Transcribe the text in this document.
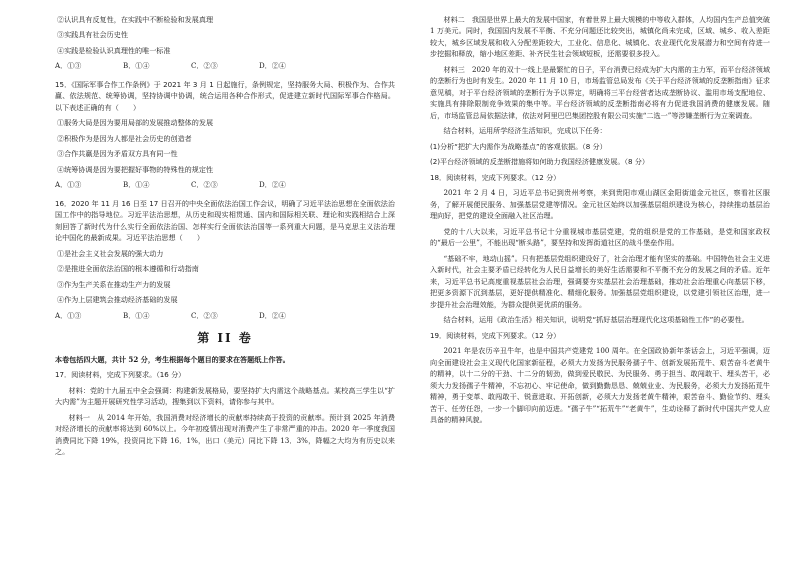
②认识具有反复性，在实践中不断检验和发展真理

③实践具有社会历史性

④实践是检验认识真理性的唯一标准

A．①③	B．①④	C．②③	D．②④

15．《国际军事合作工作条例》于 2021 年 3 月 1 日起施行，条例规定，坚持服务大局、积极作为、合作共赢、依法规范、统筹协调，坚持协调中协调，统合运用各种合作形式，促进建立新时代国际军事合作格局。以下表述正确的有（　　）

①服务大局是因为要用局部的发展推动整体的发展

②积极作为是因为人都是社会历史的创造者

③合作共赢是因为矛盾双方具有同一性

④统筹协调是因为要把握好事物的特殊性的规定性

A．①③	B．①④	C．②③	D．②④

16．2020 年 11 月 16 日至 17 日召开的中央全面依法治国工作会议，明确了习近平法治思想在全面依法治国工作中的指导地位。习近平法治思想，从历史和现实相贯通、国内和国际相关联、理论和实践相结合上深刻回答了新时代为什么实行全面依法治国、怎样实行全面依法治国等一系列重大问题，是马克思主义法治理论中国化的最新成果。习近平法治思想（　　）

①是社会主义社会发展的强大动力

②是推进全面依法治国的根本遵循和行动指南

③作为生产关系在推动生产力的发展

④作为上层建筑会推动经济基础的发展

A．①③	B．①④	C．②③	D．②④
第 II 卷

本卷包括四大题，共计 52 分，考生根据每个题目的要求在答题纸上作答。

17．阅读材料，完成下列要求。（16 分）

材料：党的十九届五中全会强调：构建新发展格局，要坚持扩大内需这个战略基点。某校高三学生以“扩大内需”为主题开展研究性学习活动，搜集到以下资料，请你参与其中。

材料一　从 2014 年开始，我国消费对经济增长的贡献率持续高于投资的贡献率。预计到 2025 年消费对经济增长的贡献率将达到 60%以上。今年初疫情出现对消费产生了非常严重的冲击。2020 年一季度我国消费同比下降 19%，投资同比下降 16．1%，出口（美元）同比下降 13．3%，降幅之大均为有历史以来之。

材料二　我国是世界上最大的发展中国家，有着世界上最大规模的中等收入群体，人均国内生产总值突破 1 万美元。同时，我国国内发展不平衡、不充分问题还比较突出，城镇化尚未完成，区域、城乡、收入差距较大，城乡区域发展和收入分配差距较大，工业化、信息化、城镇化、农业现代化发展潜力和空间有待进一步挖掘和释放，缩小地区差距、补齐民生社会领域短板，还需要很多投入。

材料三　2020 年的双十一线上是最繁忙的日子，平台消费已经成为扩大内需的主力军，而平台经济领域的垄断行为也时有发生。2020 年 11 月 10 日，市场监管总局发布《关于平台经济领域的反垄断指南》征求意见稿，对于平台经济领域的垄断行为予以界定，明确将三平台经营者达成垄断协议、滥用市场支配地位、实施具有排除限制竞争效果的集中等。平台经济领域的反垄断指南必将有力促进我国消费的健康发展。随后，市场监管总局依据法律，依法对阿里巴巴集团控股有限公司实施“二选一”等涉嫌垄断行为立案调查。

结合材料，运用所学经济生活知识，完成以下任务：

(1)分析“把扩大内需作为战略基点”的客观依据。（8 分）

(2)平台经济领域的反垄断措施将如何助力我国经济健康发展。（8 分）

18．阅读材料，完成下列要求。（12 分）

2021 年 2 月 4 日，习近平总书记到贵州考察，来到贵阳市观山湖区金阳街道金元社区，察看社区服务，了解开展便民服务、加强基层党建等情况。金元社区始终以加强基层组织建设为核心，持续推动基层治理向好，把党的建设全面融入社区治理。

党的十八大以来，习近平总书记十分重视城市基层党建，党的组织是党的工作基础，是党和国家政权的“最后一公里”，不能出现“断头路”，要坚持和发挥街道社区的战斗堡垒作用。

“基础不牢，地动山摇”。只有把基层党组织建设好了，社会治理才能有坚实的基础。中国特色社会主义进入新时代，社会主要矛盾已经转化为人民日益增长的美好生活需要和不平衡不充分的发展之间的矛盾。近年来，习近平总书记高度重视基层社会治理，强调要夯实基层社会治理基础，推动社会治理重心向基层下移，把更多资源下沉到基层，更好提供精准化、精细化服务。加强基层党组织建设，以党建引领社区治理，进一步提升社会治理效能，为群众提供更优质的服务。

结合材料，运用《政治生活》相关知识，说明党“抓好基层治理现代化这项基础性工作”的必要性。

19．阅读材料，完成下列要求。（12 分）

2021 年是农历辛丑牛年，也是中国共产党建党 100 周年。在全国政协新年茶话会上，习近平强调，迈向全面建设社会主义现代化国家新征程，必须大力发扬为民服务孺子牛、创新发展拓荒牛、艰苦奋斗老黄牛的精神，以十二分的干劲、十二分的韧劲，做到爱民敬民、为民服务、勇于担当、敢闯敢干、埋头苦干，必须大力发扬孺子牛精神，不忘初心、牢记使命，做到勤勤恳恳、兢兢业业、为民服务，必须大力发扬拓荒牛精神，勇于变革、敢闯敢干、锐意进取、开拓创新，必须大力发扬老黄牛精神，艰苦奋斗、勤俭节约、埋头苦干、任劳任怨，一步一个脚印向前迈进。“孺子牛”“拓荒牛”“老黄牛”，生动诠释了新时代中国共产党人应具备的精神风貌。
